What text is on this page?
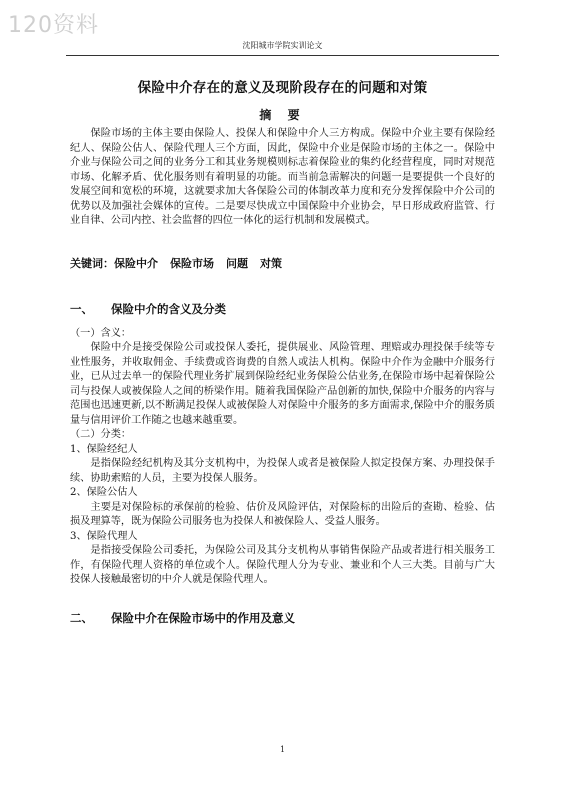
120资料
沈阳城市学院实训论文
保险中介存在的意义及现阶段存在的问题和对策
摘 要

保险市场的主体主要由保险人、投保人和保险中介人三方构成。保险中介业主要有保险经纪人、保险公估人、保险代理人三个方面，因此，保险中介业是保险市场的主体之一。保险中介业与保险公司之间的业务分工和其业务规模则标志着保险业的集约化经营程度，同时对规范市场、化解矛盾、优化服务则有着明显的功能。而当前急需解决的问题一是要提供一个良好的发展空间和宽松的环境，这就要求加大各保险公司的体制改革力度和充分发挥保险中介公司的优势以及加强社会媒体的宣传。二是要尽快成立中国保险中介业协会，早日形成政府监管、行业自律、公司内控、社会监督的四位一体化的运行机制和发展模式。

关键词：保险中介 保险市场 问题 对策
一、 保险中介的含义及分类

（一）含义：

保险中介是接受保险公司或投保人委托，提供展业、风险管理、理赔或办理投保手续等专业性服务，并收取佣金、手续费或咨询费的自然人或法人机构。保险中介作为金融中介服务行业，已从过去单一的保险代理业务扩展到保险经纪业务保险公估业务,在保险市场中起着保险公司与投保人或被保险人之间的桥梁作用。随着我国保险产品创新的加快,保险中介服务的内容与范围也迅速更新,以不断满足投保人或被保险人对保险中介服务的多方面需求,保险中介的服务质量与信用评价工作随之也越来越重要。

（二）分类：

1、保险经纪人

是指保险经纪机构及其分支机构中，为投保人或者是被保险人拟定投保方案、办理投保手续、协助索赔的人员，主要为投保人服务。

2、保险公估人

主要是对保险标的承保前的检验、估价及风险评估，对保险标的出险后的查勘、检验、估损及理算等，既为保险公司服务也为投保人和被保险人、受益人服务。

3、保险代理人

是指接受保险公司委托，为保险公司及其分支机构从事销售保险产品或者进行相关服务工作，有保险代理人资格的单位或个人。保险代理人分为专业、兼业和个人三大类。目前与广大投保人接触最密切的中介人就是保险代理人。

二、 保险中介在保险市场中的作用及意义
1
